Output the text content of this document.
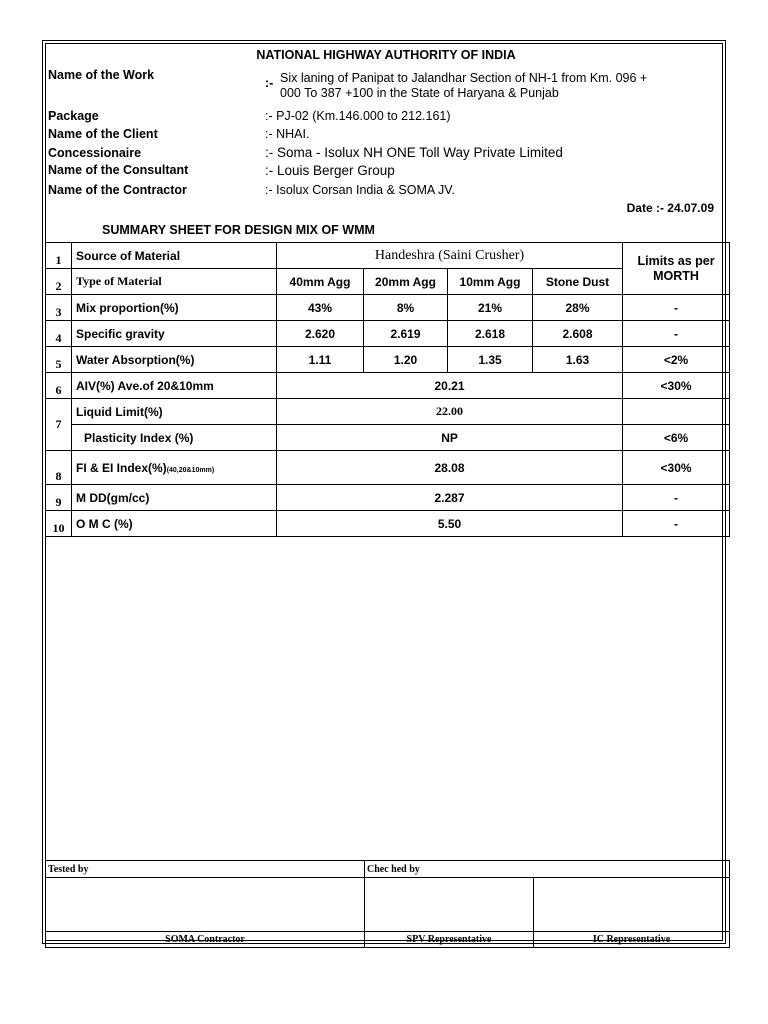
NATIONAL HIGHWAY AUTHORITY OF INDIA
Name of the Work
:- Six laning of Panipat to Jalandhar Section of NH-1 from Km. 096 +
000 To 387 +100 in the State of Haryana & Punjab
Package	:- PJ-02 (Km.146.000 to 212.161)
Name of the Client	:- NHAI.
Concessionaire	:- Soma - Isolux NH ONE Toll Way Private Limited
Name of the Consultant	:- Louis Berger Group
Name of the Contractor	:- Isolux Corsan India & SOMA JV.
Date :- 24.07.09
SUMMARY SHEET FOR DESIGN MIX OF WMM
1	Source of Material	Handeshra (Saini Crusher)				Limits as per MORTH
2	Type of Material	40mm Agg	20mm Agg	10mm Agg	Stone Dust	
3	Mix proportion(%)	43%	8%	21%	28%	-
4	Specific gravity	2.620	2.619	2.618	2.608	-
5	Water Absorption(%)	1.11	1.20	1.35	1.63	<2%
6	AIV(%) Ave.of 20&10mm	20.21				<30%
7	Liquid Limit(%)	22.00				
	Plasticity Index (%)	NP				<6%
8	FI & EI Index(%)(40,20&10mm)	28.08				<30%
9	M DD(gm/cc)	2.287				-
10	O M C (%)	5.50				-
Tested by	Chec hed by	

SOMA Contractor	SPV Representative	IC Representative
